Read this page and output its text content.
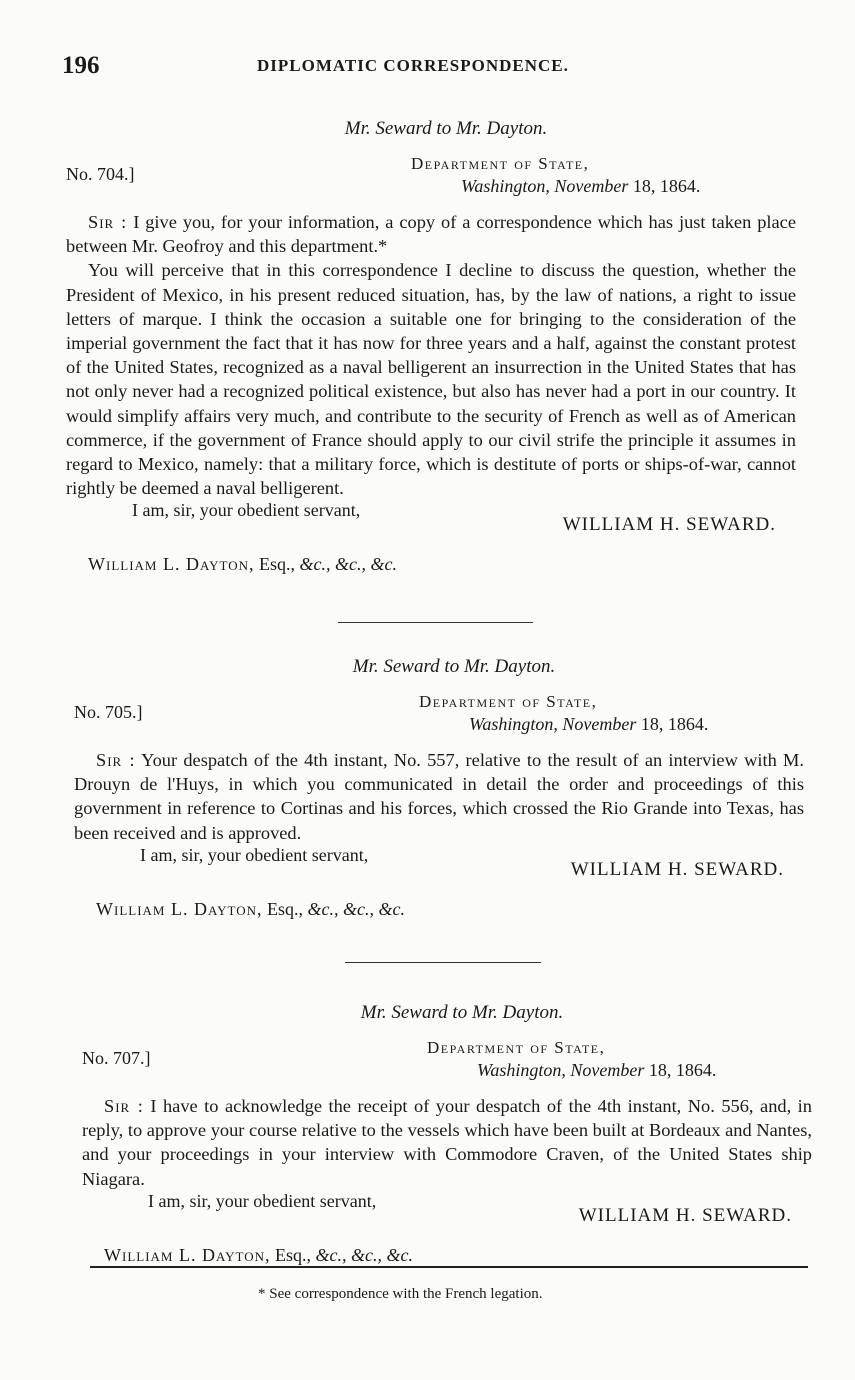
196	DIPLOMATIC CORRESPONDENCE.
Mr. Seward to Mr. Dayton.
No. 704.]
Department of State,
Washington, November 18, 1864.

Sir : I give you, for your information, a copy of a correspondence which has just taken place between Mr. Geofroy and this department.*

You will perceive that in this correspondence I decline to discuss the question, whether the President of Mexico, in his present reduced situation, has, by the law of nations, a right to issue letters of marque. I think the occasion a suitable one for bringing to the consideration of the imperial government the fact that it has now for three years and a half, against the constant protest of the United States, recognized as a naval belligerent an insurrection in the United States that has not only never had a recognized political existence, but also has never had a port in our country. It would simplify affairs very much, and contribute to the security of French as well as of American commerce, if the government of France should apply to our civil strife the principle it assumes in regard to Mexico, namely: that a military force, which is destitute of ports or ships-of-war, cannot rightly be deemed a naval belligerent.

I am, sir, your obedient servant,
WILLIAM H. SEWARD.
William L. Dayton, Esq., &c., &c., &c.
Mr. Seward to Mr. Dayton.
No. 705.]
Department of State,
Washington, November 18, 1864.

Sir : Your despatch of the 4th instant, No. 557, relative to the result of an interview with M. Drouyn de l'Huys, in which you communicated in detail the order and proceedings of this government in reference to Cortinas and his forces, which crossed the Rio Grande into Texas, has been received and is approved.

I am, sir, your obedient servant,
WILLIAM H. SEWARD.
William L. Dayton, Esq., &c., &c., &c.
Mr. Seward to Mr. Dayton.
No. 707.]
Department of State,
Washington, November 18, 1864.

Sir : I have to acknowledge the receipt of your despatch of the 4th instant, No. 556, and, in reply, to approve your course relative to the vessels which have been built at Bordeaux and Nantes, and your proceedings in your interview with Commodore Craven, of the United States ship Niagara.

I am, sir, your obedient servant,
WILLIAM H. SEWARD.
William L. Dayton, Esq., &c., &c., &c.
* See correspondence with the French legation.
